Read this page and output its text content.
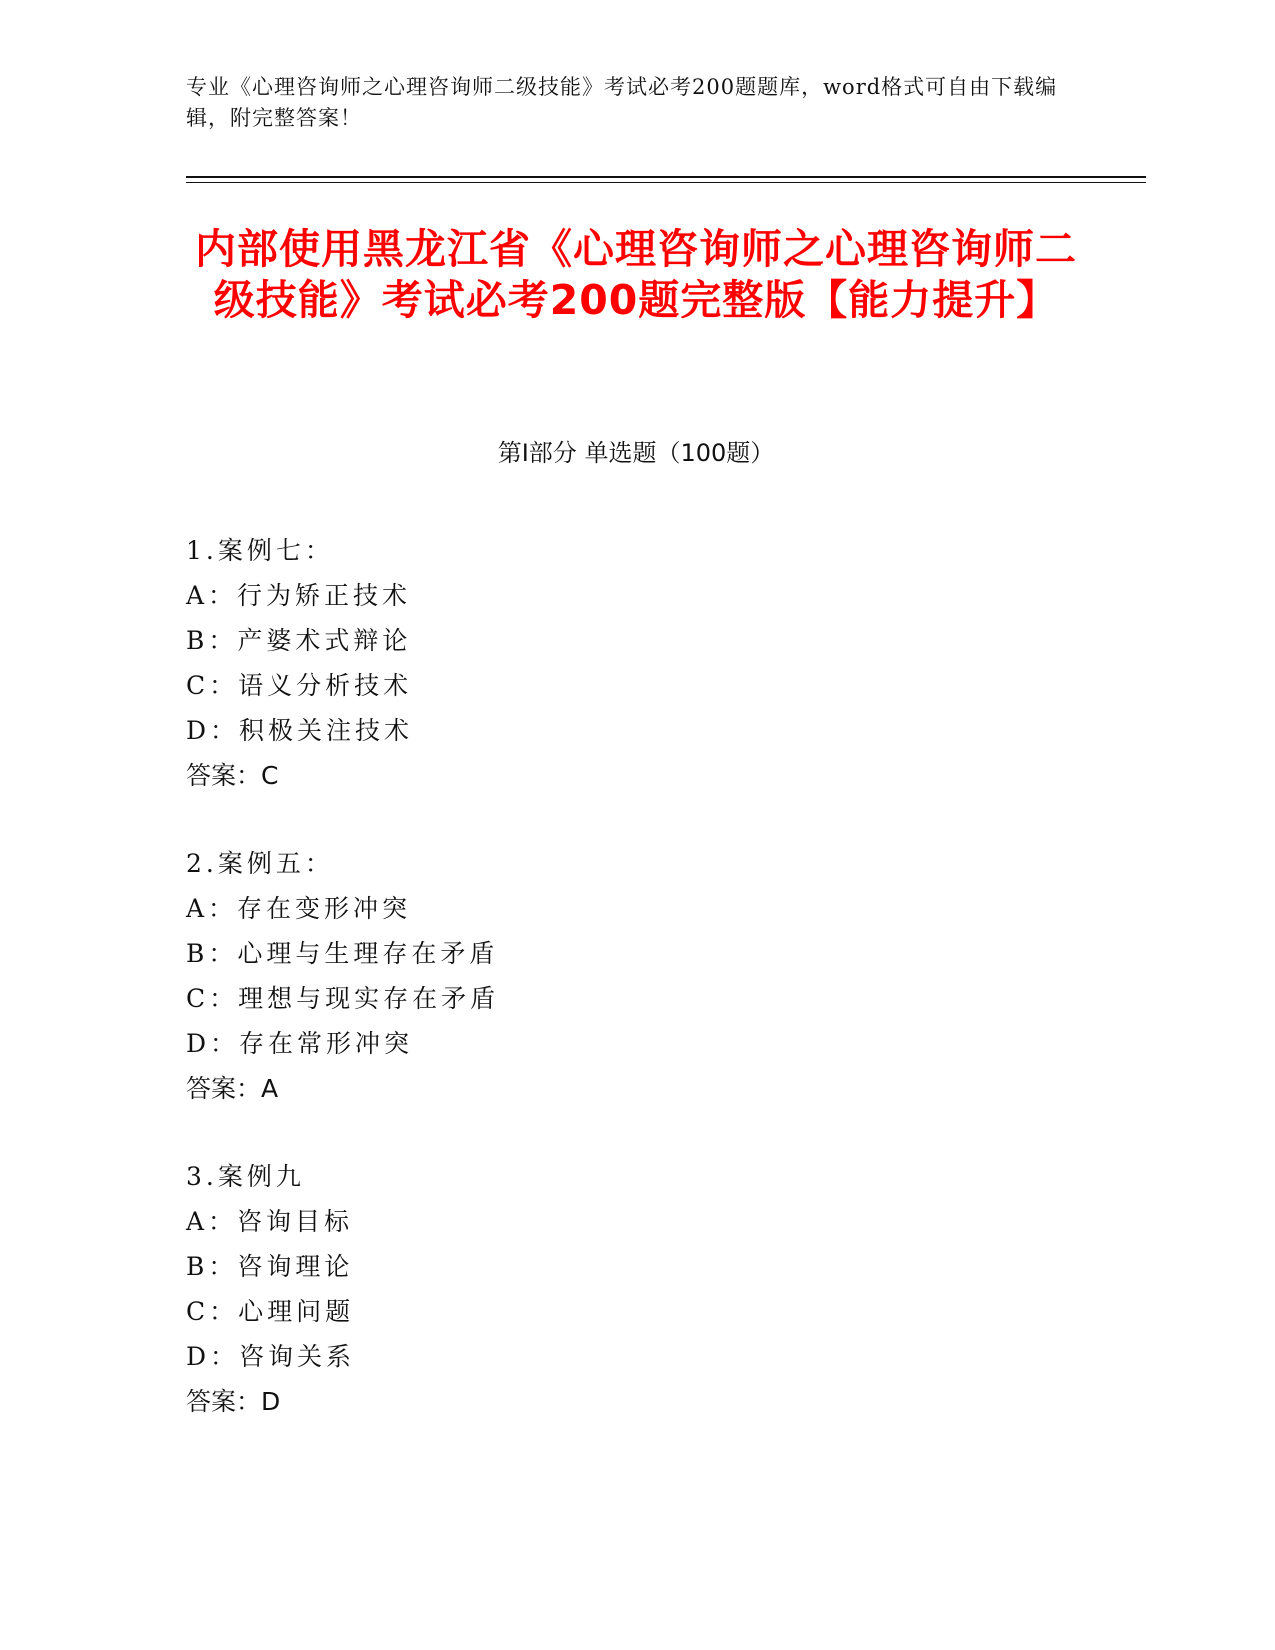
专业《心理咨询师之心理咨询师二级技能》考试必考200题题库，word格式可自由下载编辑，附完整答案！
内部使用黑龙江省《心理咨询师之心理咨询师二级技能》考试必考200题完整版【能力提升】
第Ⅰ部分 单选题（100题）
1.案例七：
A：行为矫正技术
B：产婆术式辩论
C：语义分析技术
D：积极关注技术
答案：C
2.案例五：
A：存在变形冲突
B：心理与生理存在矛盾
C：理想与现实存在矛盾
D：存在常形冲突
答案：A
3.案例九
A：咨询目标
B：咨询理论
C：心理问题
D：咨询关系
答案：D
